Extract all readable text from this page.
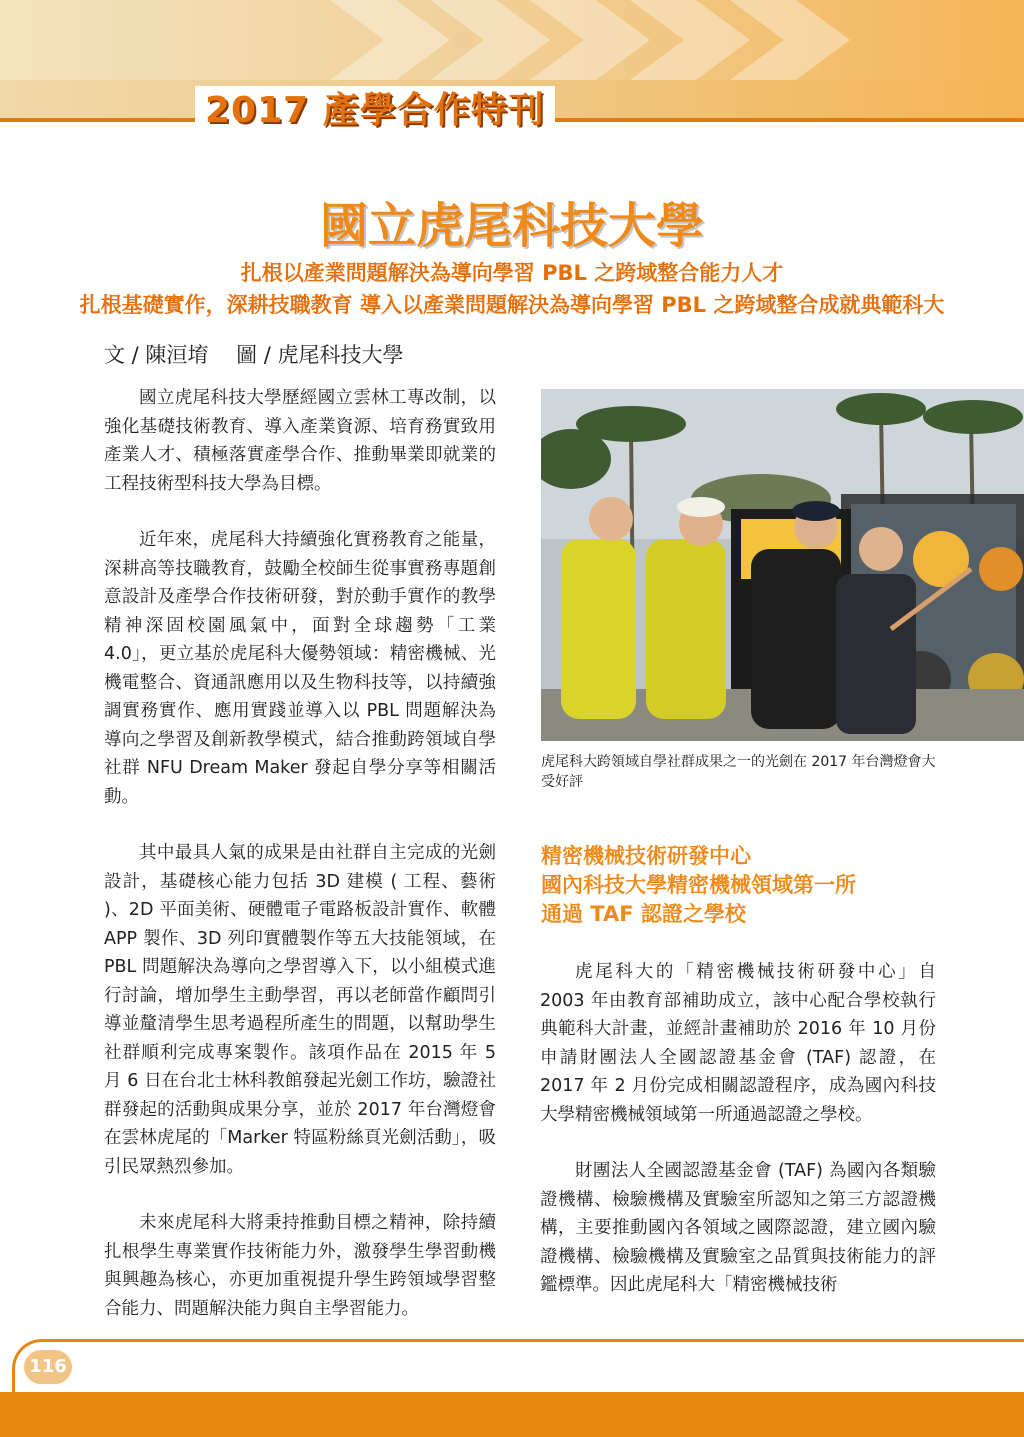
2017 產學合作特刊
國立虎尾科技大學
扎根以產業問題解決為導向學習 PBL 之跨域整合能力人才
扎根基礎實作，深耕技職教育 導入以產業問題解決為導向學習 PBL 之跨域整合成就典範科大
文 / 陳洹堉　 圖 / 虎尾科技大學

國立虎尾科技大學歷經國立雲林工專改制，以強化基礎技術教育、導入產業資源、培育務實致用產業人才、積極落實產學合作、推動畢業即就業的工程技術型科技大學為目標。

近年來，虎尾科大持續強化實務教育之能量，深耕高等技職教育，鼓勵全校師生從事實務專題創意設計及產學合作技術研發，對於動手實作的教學精神深固校園風氣中，面對全球趨勢「工業 4.0」，更立基於虎尾科大優勢領域：精密機械、光機電整合、資通訊應用以及生物科技等，以持續強調實務實作、應用實踐並導入以 PBL 問題解決為導向之學習及創新教學模式，結合推動跨領域自學社群 NFU Dream Maker 發起自學分享等相關活動。

其中最具人氣的成果是由社群自主完成的光劍設計，基礎核心能力包括 3D 建模 ( 工程、藝術 )、2D 平面美術、硬體電子電路板設計實作、軟體 APP 製作、3D 列印實體製作等五大技能領域，在 PBL 問題解決為導向之學習導入下，以小組模式進行討論，增加學生主動學習，再以老師當作顧問引導並釐清學生思考過程所產生的問題，以幫助學生社群順利完成專案製作。該項作品在 2015 年 5 月 6 日在台北士林科教館發起光劍工作坊，驗證社群發起的活動與成果分享，並於 2017 年台灣燈會在雲林虎尾的「Marker 特區粉絲頁光劍活動」，吸引民眾熱烈參加。

未來虎尾科大將秉持推動目標之精神，除持續扎根學生專業實作技術能力外，激發學生學習動機與興趣為核心，亦更加重視提升學生跨領域學習整合能力、問題解決能力與自主學習能力。

虎尾科大跨領域自學社群成果之一的光劍在 2017 年台灣燈會大受好評
精密機械技術研發中心
國內科技大學精密機械領域第一所
通過 TAF 認證之學校

虎尾科大的「精密機械技術研發中心」自 2003 年由教育部補助成立，該中心配合學校執行典範科大計畫，並經計畫補助於 2016 年 10 月份申請財團法人全國認證基金會 (TAF) 認證，在 2017 年 2 月份完成相關認證程序，成為國內科技大學精密機械領域第一所通過認證之學校。

財團法人全國認證基金會 (TAF) 為國內各類驗證機構、檢驗機構及實驗室所認知之第三方認證機構，主要推動國內各領域之國際認證，建立國內驗證機構、檢驗機構及實驗室之品質與技術能力的評鑑標準。因此虎尾科大「精密機械技術

116
